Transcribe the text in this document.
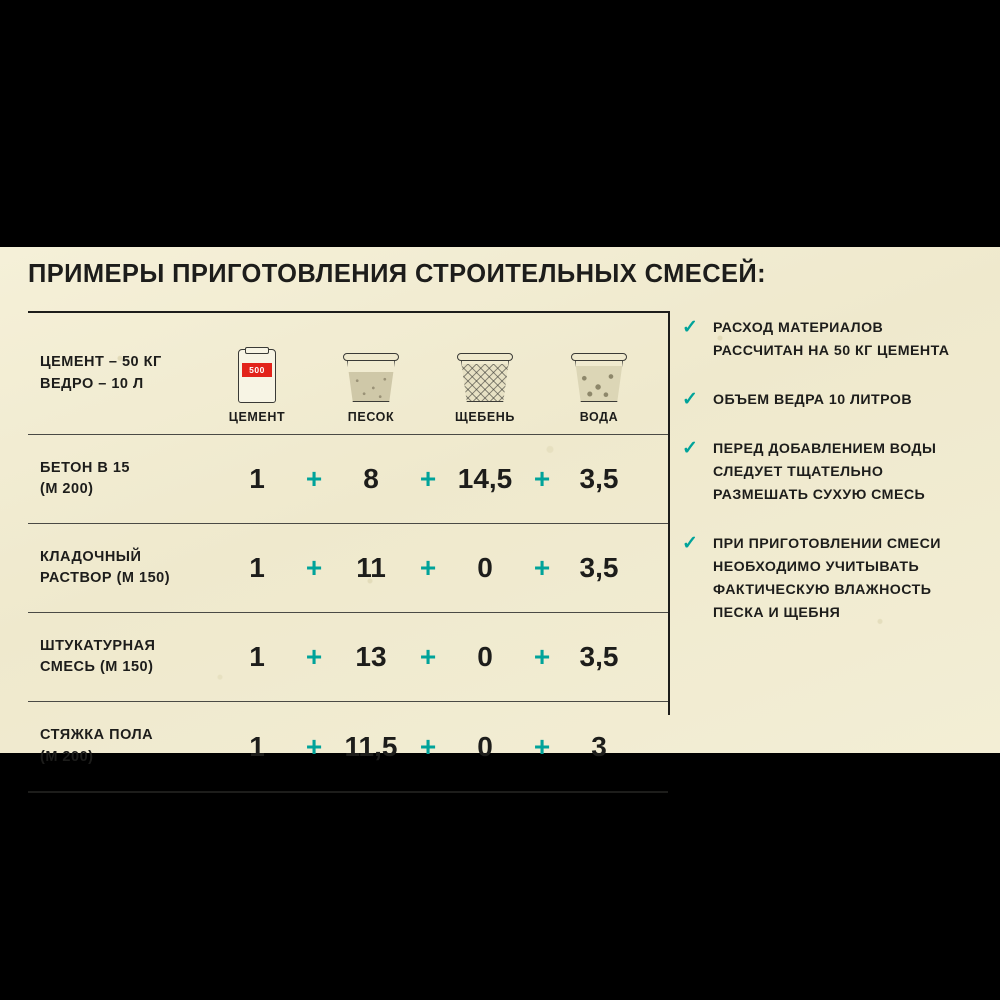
ПРИМЕРЫ ПРИГОТОВЛЕНИЯ СТРОИТЕЛЬНЫХ СМЕСЕЙ:
ЦЕМЕНТ – 50 КГ
ВЕДРО – 10 Л
500
ЦЕМЕНТ	ПЕСОК	ЩЕБЕНЬ	ВОДА
БЕТОН В 15
(М 200)	1	+	8	+ 14,5 +	3,5
КЛАДОЧНЫЙ
РАСТВОР (М 150)	1	+	11	+	0	+	3,5
ШТУКАТУРНАЯ
СМЕСЬ (М 150)	1	+	13	+	0	+	3,5
СТЯЖКА ПОЛА
(М 200)	1	+ 11,5 +	0	+	3
✓	РАСХОД МАТЕРИАЛОВ РАССЧИТАН НА 50 КГ ЦЕМЕНТА
✓	ОБЪЕМ ВЕДРА 10 ЛИТРОВ
✓	ПЕРЕД ДОБАВЛЕНИЕМ ВОДЫ СЛЕДУЕТ ТЩАТЕЛЬНО РАЗМЕШАТЬ СУХУЮ СМЕСЬ
✓	ПРИ ПРИГОТОВЛЕНИИ СМЕСИ НЕОБХОДИМО УЧИТЫВАТЬ ФАКТИЧЕСКУЮ ВЛАЖНОСТЬ ПЕСКА И ЩЕБНЯ
